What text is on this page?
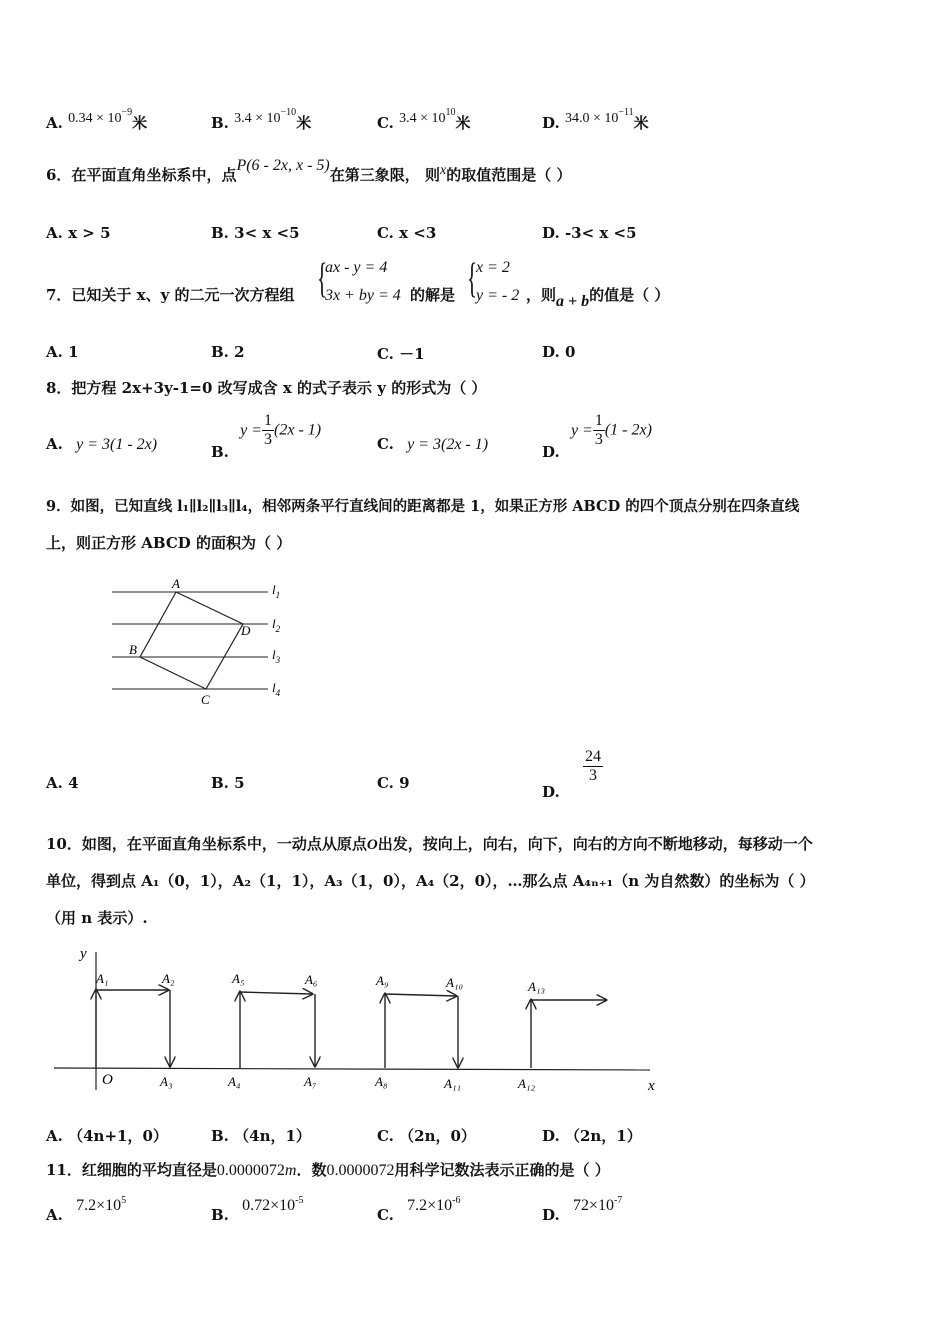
A. $0.34 \times 10^{-9}$米	B. $3.4 \times 10^{-10}$米	C. $3.4 \times 10^{10}$米	D. $34.0 \times 10^{-11}$米
6．在平面直角坐标系中，点P(6 - 2x, x - 5)在第三象限， 则x的取值范围是（ ）
A. x > 5	B. 3< x <5	C. x <3	D. -3< x <5
7．已知关于 x、y 的二元一次方程组 {
ax - y = 4
3x + by = 4 的解是 {
x = 2
y = - 2 ，则a + b的值是（ ）
A. 1	B. 2	C. －1	D. 0
8．把方程 2x+3y-1=0 改写成含 x 的式子表示 y 的形式为（ ）
A. y = 3(1 - 2x)	B. $y = \frac{1}{3} (2x - 1)$
C. y = 3(2x - 1)	D. $y = \frac{1}{3} (1 - 2x)$
9．如图，已知直线 l₁∥l₂∥l₃∥l₄，相邻两条平行直线间的距离都是 1，如果正方形 ABCD 的四个顶点分别在四条直线
上，则正方形 ABCD 的面积为（ ）
A
D
B
C
$l_1$
$l_2$
$l_3$
$l_4$
A. 4	B. 5	C. 9	D.
$\frac{24}{3}$
10．如图，在平面直角坐标系中，一动点从原点O出发，按向上，向右，向下，向右的方向不断地移动，每移动一个
单位，得到点 A₁（0，1），A₂（1，1），A₃（1，0），A₄（2，0），…那么点 A₄ₙ₊₁（n 为自然数）的坐标为（ ）
（用 n 表示）.
y
x
O
A₁	A₂
A₃	A₄
A₅	A₆
A₇	A₈
A₉	A₁₀
A₁₁	A₁₂
A₁₃
A. （4n+1，0）	B. （4n，1）	C. （2n，0）	D. （2n，1）
11．红细胞的平均直径是0.0000072m．数0.0000072用科学记数法表示正确的是（ ）
A. $7.2\times 10^5$
B. $0.72\times 10^{-5}$
C. $7.2\times 10^{-6}$
D. $72\times 10^{-7}$
